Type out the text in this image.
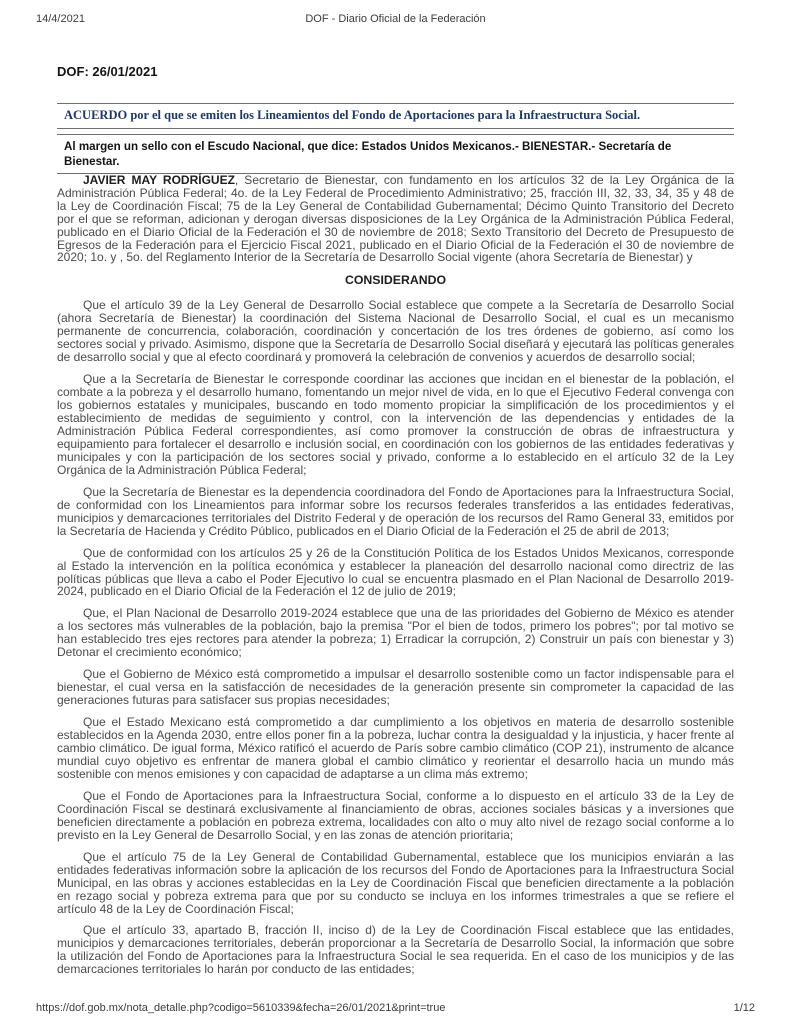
14/4/2021	DOF - Diario Oficial de la Federación
DOF: 26/01/2021
ACUERDO por el que se emiten los Lineamientos del Fondo de Aportaciones para la Infraestructura Social.
Al margen un sello con el Escudo Nacional, que dice: Estados Unidos Mexicanos.- BIENESTAR.- Secretaría de Bienestar.

JAVIER MAY RODRÍGUEZ, Secretario de Bienestar, con fundamento en los artículos 32 de la Ley Orgánica de la Administración Pública Federal; 4o. de la Ley Federal de Procedimiento Administrativo; 25, fracción III, 32, 33, 34, 35 y 48 de la Ley de Coordinación Fiscal; 75 de la Ley General de Contabilidad Gubernamental; Décimo Quinto Transitorio del Decreto por el que se reforman, adicionan y derogan diversas disposiciones de la Ley Orgánica de la Administración Pública Federal, publicado en el Diario Oficial de la Federación el 30 de noviembre de 2018; Sexto Transitorio del Decreto de Presupuesto de Egresos de la Federación para el Ejercicio Fiscal 2021, publicado en el Diario Oficial de la Federación el 30 de noviembre de 2020; 1o. y , 5o. del Reglamento Interior de la Secretaría de Desarrollo Social vigente (ahora Secretaría de Bienestar) y

CONSIDERANDO

Que el artículo 39 de la Ley General de Desarrollo Social establece que compete a la Secretaría de Desarrollo Social (ahora Secretaría de Bienestar) la coordinación del Sistema Nacional de Desarrollo Social, el cual es un mecanismo permanente de concurrencia, colaboración, coordinación y concertación de los tres órdenes de gobierno, así como los sectores social y privado. Asimismo, dispone que la Secretaría de Desarrollo Social diseñará y ejecutará las políticas generales de desarrollo social y que al efecto coordinará y promoverá la celebración de convenios y acuerdos de desarrollo social;

Que a la Secretaría de Bienestar le corresponde coordinar las acciones que incidan en el bienestar de la población, el combate a la pobreza y el desarrollo humano, fomentando un mejor nivel de vida, en lo que el Ejecutivo Federal convenga con los gobiernos estatales y municipales, buscando en todo momento propiciar la simplificación de los procedimientos y el establecimiento de medidas de seguimiento y control, con la intervención de las dependencias y entidades de la Administración Pública Federal correspondientes, así como promover la construcción de obras de infraestructura y equipamiento para fortalecer el desarrollo e inclusión social, en coordinación con los gobiernos de las entidades federativas y municipales y con la participación de los sectores social y privado, conforme a lo establecido en el artículo 32 de la Ley Orgánica de la Administración Pública Federal;

Que la Secretaría de Bienestar es la dependencia coordinadora del Fondo de Aportaciones para la Infraestructura Social, de conformidad con los Lineamientos para informar sobre los recursos federales transferidos a las entidades federativas, municipios y demarcaciones territoriales del Distrito Federal y de operación de los recursos del Ramo General 33, emitidos por la Secretaría de Hacienda y Crédito Público, publicados en el Diario Oficial de la Federación el 25 de abril de 2013;

Que de conformidad con los artículos 25 y 26 de la Constitución Política de los Estados Unidos Mexicanos, corresponde al Estado la intervención en la política económica y establecer la planeación del desarrollo nacional como directriz de las políticas públicas que lleva a cabo el Poder Ejecutivo lo cual se encuentra plasmado en el Plan Nacional de Desarrollo 2019-2024, publicado en el Diario Oficial de la Federación el 12 de julio de 2019;

Que, el Plan Nacional de Desarrollo 2019-2024 establece que una de las prioridades del Gobierno de México es atender a los sectores más vulnerables de la población, bajo la premisa "Por el bien de todos, primero los pobres"; por tal motivo se han establecido tres ejes rectores para atender la pobreza; 1) Erradicar la corrupción, 2) Construir un país con bienestar y 3) Detonar el crecimiento económico;

Que el Gobierno de México está comprometido a impulsar el desarrollo sostenible como un factor indispensable para el bienestar, el cual versa en la satisfacción de necesidades de la generación presente sin comprometer la capacidad de las generaciones futuras para satisfacer sus propias necesidades;

Que el Estado Mexicano está comprometido a dar cumplimiento a los objetivos en materia de desarrollo sostenible establecidos en la Agenda 2030, entre ellos poner fin a la pobreza, luchar contra la desigualdad y la injusticia, y hacer frente al cambio climático. De igual forma, México ratificó el acuerdo de París sobre cambio climático (COP 21), instrumento de alcance mundial cuyo objetivo es enfrentar de manera global el cambio climático y reorientar el desarrollo hacia un mundo más sostenible con menos emisiones y con capacidad de adaptarse a un clima más extremo;

Que el Fondo de Aportaciones para la Infraestructura Social, conforme a lo dispuesto en el artículo 33 de la Ley de Coordinación Fiscal se destinará exclusivamente al financiamiento de obras, acciones sociales básicas y a inversiones que beneficien directamente a población en pobreza extrema, localidades con alto o muy alto nivel de rezago social conforme a lo previsto en la Ley General de Desarrollo Social, y en las zonas de atención prioritaria;

Que el artículo 75 de la Ley General de Contabilidad Gubernamental, establece que los municipios enviarán a las entidades federativas información sobre la aplicación de los recursos del Fondo de Aportaciones para la Infraestructura Social Municipal, en las obras y acciones establecidas en la Ley de Coordinación Fiscal que beneficien directamente a la población en rezago social y pobreza extrema para que por su conducto se incluya en los informes trimestrales a que se refiere el artículo 48 de la Ley de Coordinación Fiscal;

Que el artículo 33, apartado B, fracción II, inciso d) de la Ley de Coordinación Fiscal establece que las entidades, municipios y demarcaciones territoriales, deberán proporcionar a la Secretaría de Desarrollo Social, la información que sobre la utilización del Fondo de Aportaciones para la Infraestructura Social le sea requerida. En el caso de los municipios y de las demarcaciones territoriales lo harán por conducto de las entidades;

https://dof.gob.mx/nota_detalle.php?codigo=5610339&fecha=26/01/2021&print=true	1/12
